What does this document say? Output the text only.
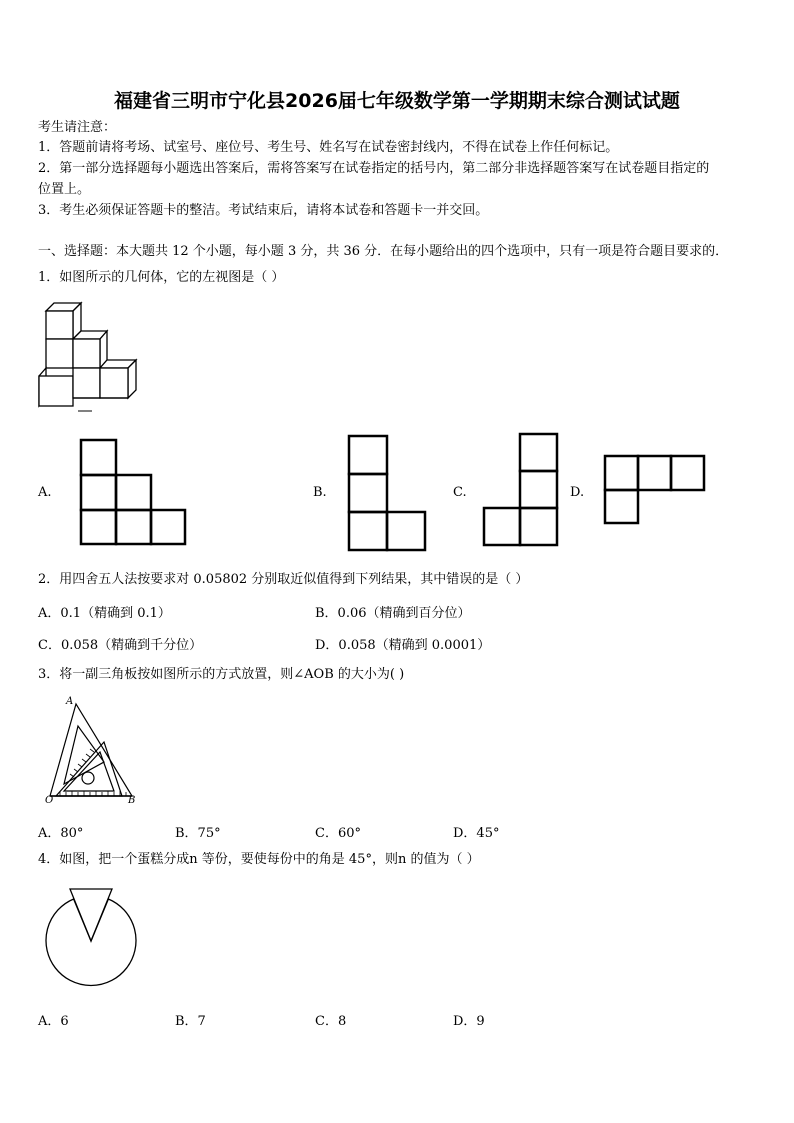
福建省三明市宁化县2026届七年级数学第一学期期末综合测试试题
考生请注意：
1．答题前请将考场、试室号、座位号、考生号、姓名写在试卷密封线内，不得在试卷上作任何标记。
2．第一部分选择题每小题选出答案后，需将答案写在试卷指定的括号内，第二部分非选择题答案写在试卷题目指定的
位置上。
3．考生必须保证答题卡的整洁。考试结束后，请将本试卷和答题卡一并交回。
一、选择题：本大题共 12 个小题，每小题 3 分，共 36 分．在每小题给出的四个选项中，只有一项是符合题目要求的．
1．如图所示的几何体，它的左视图是（ ）
A.	B.	C.	D.
2．用四舍五人法按要求对 0.05802 分别取近似值得到下列结果，其中错误的是（ ）
A．0.1（精确到 0.1）	B．0.06（精确到百分位）
C．0.058（精确到千分位）	D．0.058（精确到 0.0001）
3．将一副三角板按如图所示的方式放置，则∠AOB 的大小为( )
A
O	B
A．80°	B．75°	C．60°	D．45°
4．如图，把一个蛋糕分成n 等份，要使每份中的角是 45°，则n 的值为（ ）
A．6	B．7	C．8	D．9
